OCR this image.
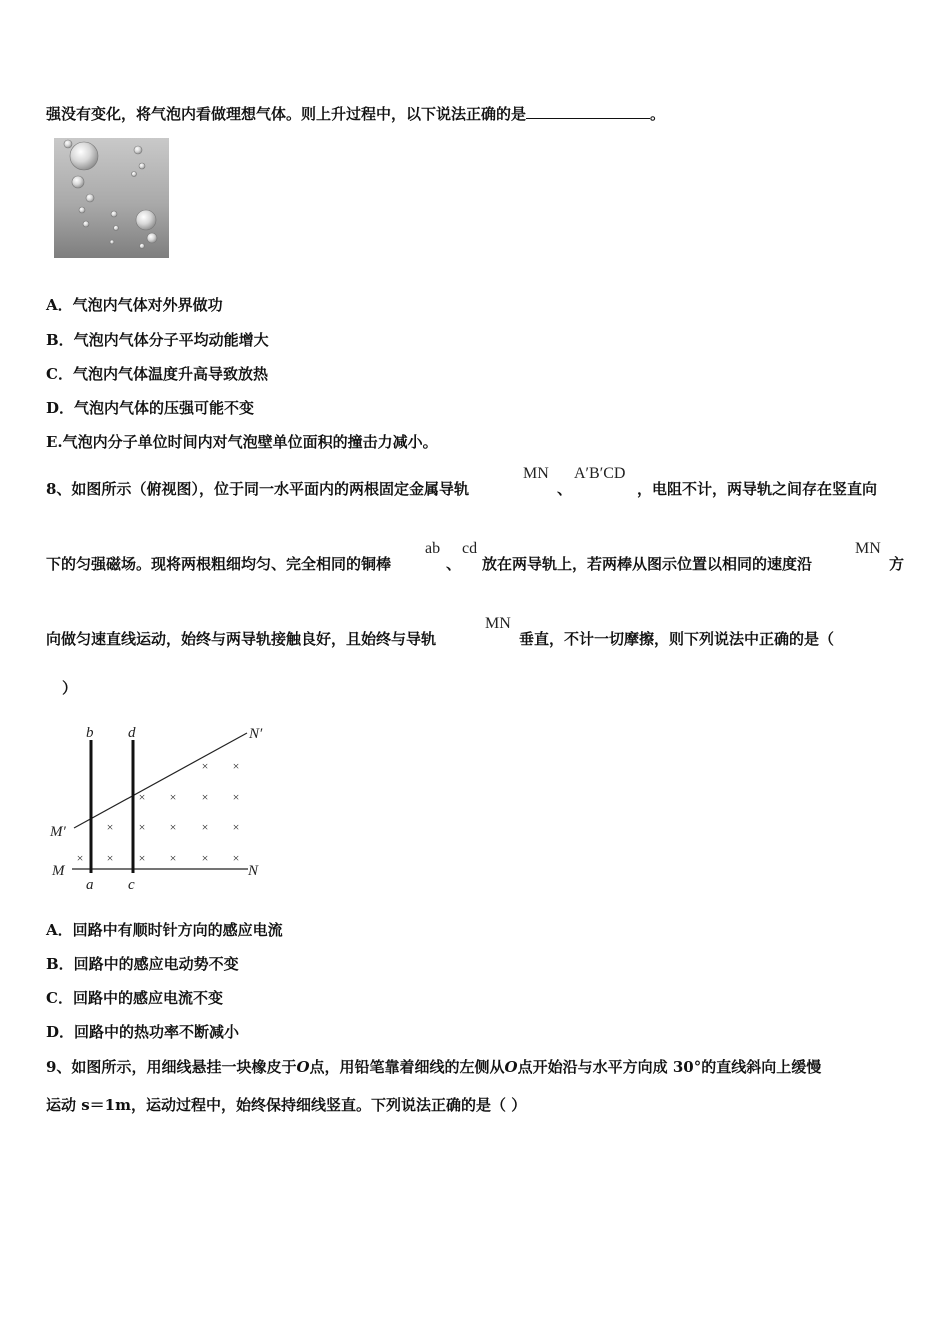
强没有变化，将气泡内看做理想气体。则上升过程中，以下说法正确的是	。
A．气泡内气体对外界做功
B．气泡内气体分子平均动能增大
C．气泡内气体温度升高导致放热
D．气泡内气体的压强可能不变
E.气泡内分子单位时间内对气泡壁单位面积的撞击力减小。
8、如图所示（俯视图），位于同一水平面内的两根固定金属导轨
MN
、
A′B′CD
，电阻不计，两导轨之间存在竖直向
下的匀强磁场。现将两根粗细均匀、完全相同的铜棒
ab
、
cd
放在两导轨上，若两棒从图示位置以相同的速度沿
MN
方
向做匀速直线运动，始终与两导轨接触良好，且始终与导轨
MN
垂直，不计一切摩擦，则下列说法中正确的是（
）
b d	N′
M′
M	N
a c
× × × × × ×
× × × × ×
× × × ×
× ×
A．回路中有顺时针方向的感应电流
B．回路中的感应电动势不变
C．回路中的感应电流不变
D．回路中的热功率不断减小
9、如图所示，用细线悬挂一块橡皮于O点，用铅笔靠着细线的左侧从O点开始沿与水平方向成 30°的直线斜向上缓慢
运动 s＝1m，运动过程中，始终保持细线竖直。下列说法正确的是（ ）
